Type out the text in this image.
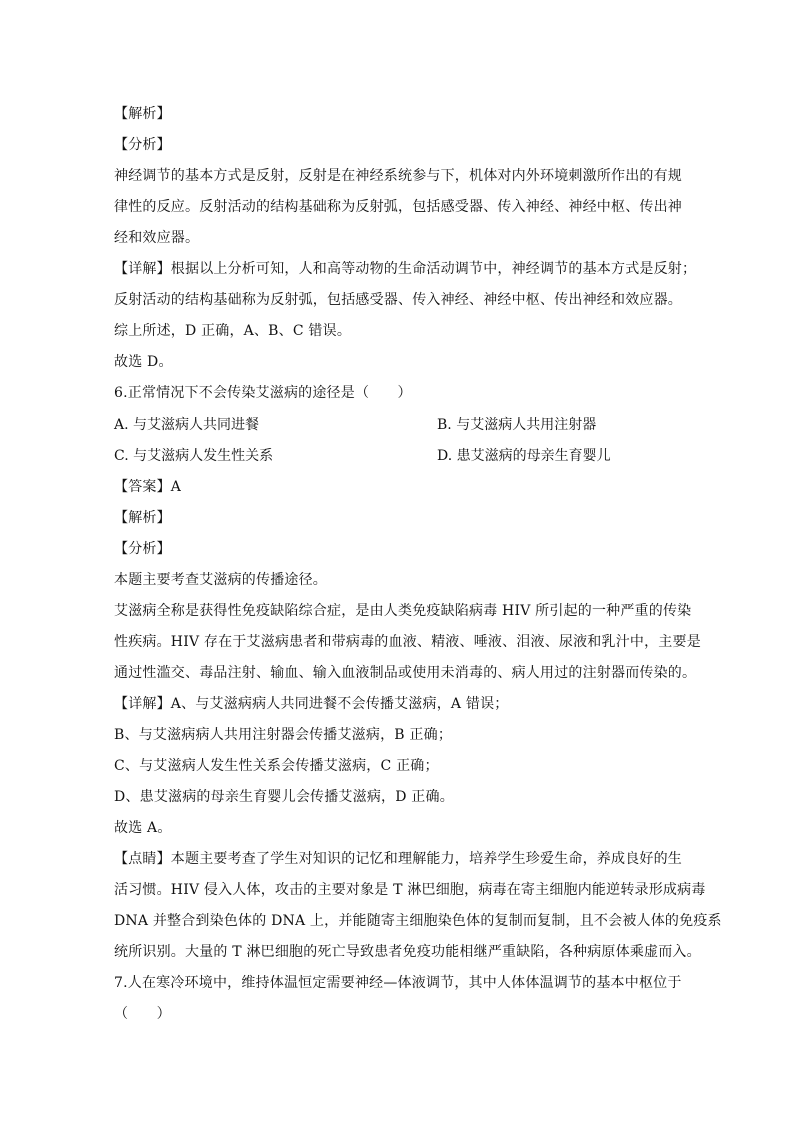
【解析】
【分析】
神经调节的基本方式是反射，反射是在神经系统参与下，机体对内外环境刺激所作出的有规
律性的反应。反射活动的结构基础称为反射弧，包括感受器、传入神经、神经中枢、传出神
经和效应器。
【详解】根据以上分析可知，人和高等动物的生命活动调节中，神经调节的基本方式是反射；
反射活动的结构基础称为反射弧，包括感受器、传入神经、神经中枢、传出神经和效应器。
综上所述，D 正确，A、B、C 错误。
故选 D。
6.正常情况下不会传染艾滋病的途径是（　　）
A. 与艾滋病人共同进餐	B. 与艾滋病人共用注射器
C. 与艾滋病人发生性关系	D. 患艾滋病的母亲生育婴儿
【答案】A
【解析】
【分析】
本题主要考查艾滋病的传播途径。
艾滋病全称是获得性免疫缺陷综合症，是由人类免疫缺陷病毒 HIV 所引起的一种严重的传染
性疾病。HIV 存在于艾滋病患者和带病毒的血液、精液、唾液、泪液、尿液和乳汁中，主要是
通过性滥交、毒品注射、输血、输入血液制品或使用未消毒的、病人用过的注射器而传染的。
【详解】A、与艾滋病病人共同进餐不会传播艾滋病，A 错误；
B、与艾滋病病人共用注射器会传播艾滋病，B 正确；
C、与艾滋病人发生性关系会传播艾滋病，C 正确；
D、患艾滋病的母亲生育婴儿会传播艾滋病，D 正确。
故选 A。
【点睛】本题主要考查了学生对知识的记忆和理解能力，培养学生珍爱生命，养成良好的生
活习惯。HIV 侵入人体，攻击的主要对象是 T 淋巴细胞，病毒在寄主细胞内能逆转录形成病毒
DNA 并整合到染色体的 DNA 上，并能随寄主细胞染色体的复制而复制，且不会被人体的免疫系
统所识别。大量的 T 淋巴细胞的死亡导致患者免疫功能相继严重缺陷，各种病原体乘虚而入。
7.人在寒冷环境中，维持体温恒定需要神经—体液调节，其中人体体温调节的基本中枢位于
（　　）
